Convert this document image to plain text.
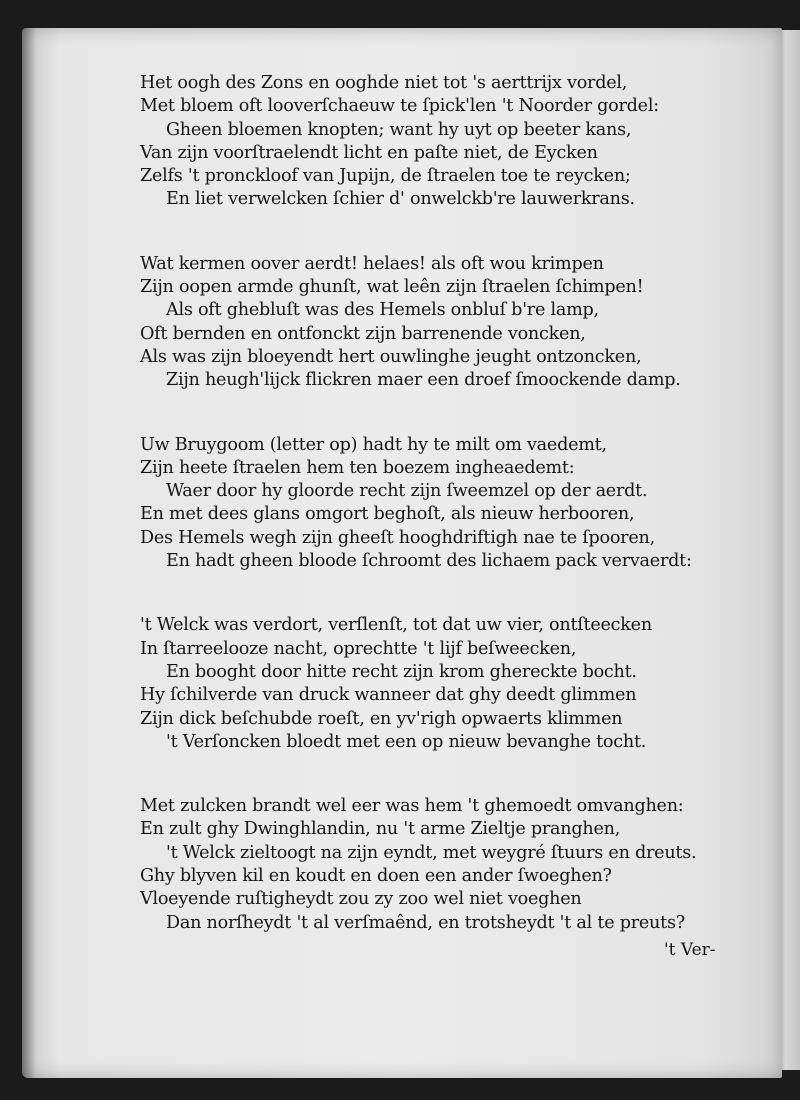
Het oogh des Zons en ooghde niet tot 's aerttrijx vordel,
Met bloem oft looverſchaeuw te ſpick'len 't Noorder gordel:
Gheen bloemen knopten; want hy uyt op beeter kans,
Van zijn voorſtraelendt licht en paſte niet, de Eycken
Zelfs 't pronckloof van Jupijn, de ſtraelen toe te reycken;
En liet verwelcken ſchier d' onwelckb're lauwerkrans.
Wat kermen oover aerdt! helaes! als oft wou krimpen
Zijn oopen armde ghunſt, wat leên zijn ſtraelen ſchimpen!
Als oft ghebluſt was des Hemels onbluſ b're lamp,
Oft bernden en ontfonckt zijn barrenende voncken,
Als was zijn bloeyendt hert ouwlinghe jeught ontzoncken,
Zijn heugh'lijck flickren maer een droef ſmoockende damp.
Uw Bruygoom (letter op) hadt hy te milt om vaedemt,
Zijn heete ſtraelen hem ten boezem ingheaedemt:
Waer door hy gloorde recht zijn ſweemzel op der aerdt.
En met dees glans omgort beghoſt, als nieuw herbooren,
Des Hemels wegh zijn gheeſt hooghdriftigh nae te ſpooren,
En hadt gheen bloode ſchroomt des lichaem pack vervaerdt:
't Welck was verdort, verſlenſt, tot dat uw vier, ontſteecken
In ſtarreelooze nacht, oprechtte 't lijf beſweecken,
En booght door hitte recht zijn krom ghereckte bocht.
Hy ſchilverde van druck wanneer dat ghy deedt glimmen
Zijn dick beſchubde roeſt, en yv'righ opwaerts klimmen
't Verſoncken bloedt met een op nieuw bevanghe tocht.
Met zulcken brandt wel eer was hem 't ghemoedt omvanghen:
En zult ghy Dwinghlandin, nu 't arme Zieltje pranghen,
't Welck zieltoogt na zijn eyndt, met weygré ſtuurs en dreuts.
Ghy blyven kil en koudt en doen een ander ſwoeghen?
Vloeyende ruſtigheydt zou zy zoo wel niet voeghen
Dan norſheydt 't al verſmaênd, en trotsheydt 't al te preuts?
't Ver-
